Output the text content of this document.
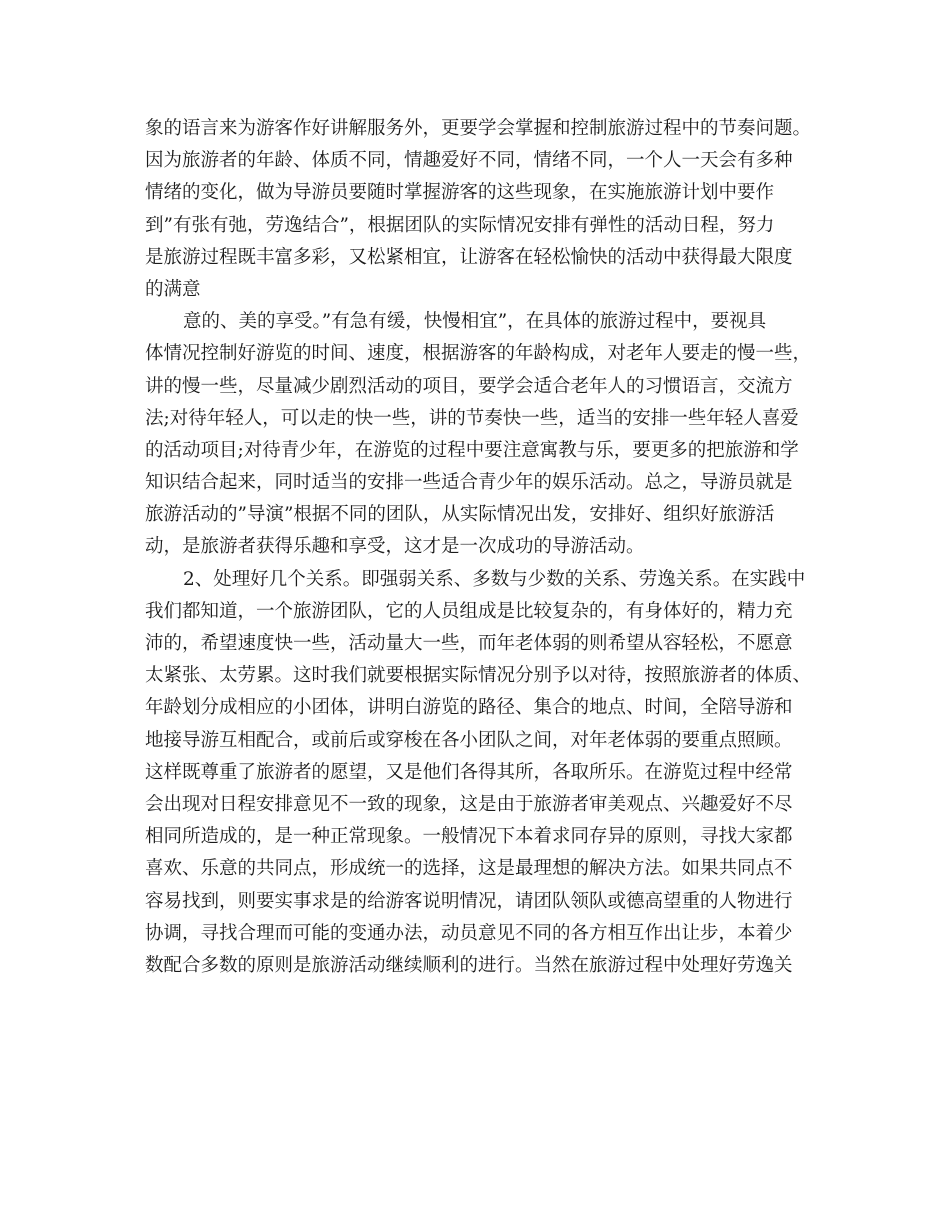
象的语言来为游客作好讲解服务外，更要学会掌握和控制旅游过程中的节奏问题。
因为旅游者的年龄、体质不同，情趣爱好不同，情绪不同，一个人一天会有多种
情绪的变化，做为导游员要随时掌握游客的这些现象，在实施旅游计划中要作
到”有张有弛，劳逸结合”，根据团队的实际情况安排有弹性的活动日程，努力
是旅游过程既丰富多彩，又松紧相宜，让游客在轻松愉快的活动中获得最大限度
的满意
意的、美的享受。”有急有缓，快慢相宜”，在具体的旅游过程中，要视具
体情况控制好游览的时间、速度，根据游客的年龄构成，对老年人要走的慢一些，
讲的慢一些，尽量减少剧烈活动的项目，要学会适合老年人的习惯语言，交流方
法;对待年轻人，可以走的快一些，讲的节奏快一些，适当的安排一些年轻人喜爱
的活动项目;对待青少年，在游览的过程中要注意寓教与乐，要更多的把旅游和学
知识结合起来，同时适当的安排一些适合青少年的娱乐活动。总之，导游员就是
旅游活动的”导演”根据不同的团队，从实际情况出发，安排好、组织好旅游活
动，是旅游者获得乐趣和享受，这才是一次成功的导游活动。
2、处理好几个关系。即强弱关系、多数与少数的关系、劳逸关系。在实践中
我们都知道，一个旅游团队，它的人员组成是比较复杂的，有身体好的，精力充
沛的，希望速度快一些，活动量大一些，而年老体弱的则希望从容轻松，不愿意
太紧张、太劳累。这时我们就要根据实际情况分别予以对待，按照旅游者的体质、
年龄划分成相应的小团体，讲明白游览的路径、集合的地点、时间，全陪导游和
地接导游互相配合，或前后或穿梭在各小团队之间，对年老体弱的要重点照顾。
这样既尊重了旅游者的愿望，又是他们各得其所，各取所乐。在游览过程中经常
会出现对日程安排意见不一致的现象，这是由于旅游者审美观点、兴趣爱好不尽
相同所造成的，是一种正常现象。一般情况下本着求同存异的原则，寻找大家都
喜欢、乐意的共同点，形成统一的选择，这是最理想的解决方法。如果共同点不
容易找到，则要实事求是的给游客说明情况，请团队领队或德高望重的人物进行
协调，寻找合理而可能的变通办法，动员意见不同的各方相互作出让步，本着少
数配合多数的原则是旅游活动继续顺利的进行。当然在旅游过程中处理好劳逸关
